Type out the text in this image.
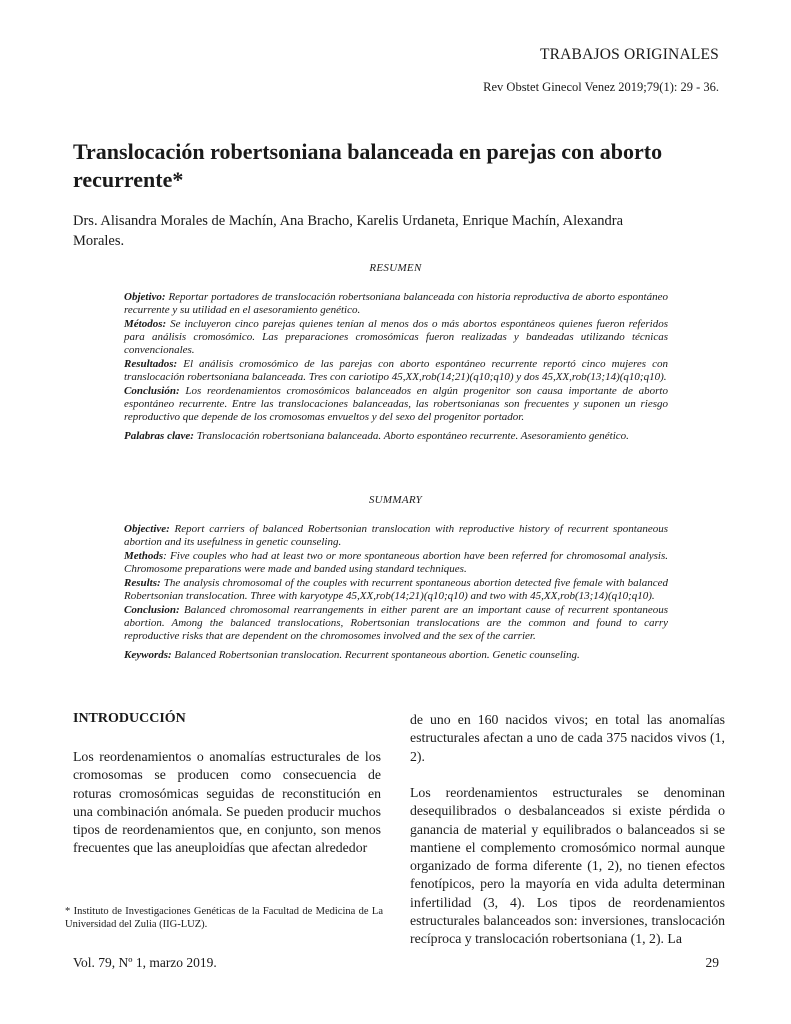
TRABAJOS ORIGINALES
Rev Obstet Ginecol Venez 2019;79(1): 29 - 36.
Translocación robertsoniana balanceada en parejas con aborto recurrente*
Drs. Alisandra Morales de Machín, Ana Bracho, Karelis Urdaneta, Enrique Machín, Alexandra Morales.
RESUMEN

Objetivo: Reportar portadores de translocación robertsoniana balanceada con historia reproductiva de aborto espontáneo recurrente y su utilidad en el asesoramiento genético.

Métodos: Se incluyeron cinco parejas quienes tenían al menos dos o más abortos espontáneos quienes fueron referidos para análisis cromosómico. Las preparaciones cromosómicas fueron realizadas y bandeadas utilizando técnicas convencionales.

Resultados: El análisis cromosómico de las parejas con aborto espontáneo recurrente reportó cinco mujeres con translocación robertsoniana balanceada. Tres con cariotipo 45,XX,rob(14;21)(q10;q10) y dos 45,XX,rob(13;14)(q10;q10).

Conclusión: Los reordenamientos cromosómicos balanceados en algún progenitor son causa importante de aborto espontáneo recurrente. Entre las translocaciones balanceadas, las robertsonianas son frecuentes y suponen un riesgo reproductivo que depende de los cromosomas envueltos y del sexo del progenitor portador.

Palabras clave: Translocación robertsoniana balanceada. Aborto espontáneo recurrente. Asesoramiento genético.

SUMMARY

Objective: Report carriers of balanced Robertsonian translocation with reproductive history of recurrent spontaneous abortion and its usefulness in genetic counseling.

Methods: Five couples who had at least two or more spontaneous abortion have been referred for chromosomal analysis. Chromosome preparations were made and banded using standard techniques.

Results: The analysis chromosomal of the couples with recurrent spontaneous abortion detected five female with balanced Robertsonian translocation. Three with karyotype 45,XX,rob(14;21)(q10;q10) and two with 45,XX,rob(13;14)(q10;q10).

Conclusion: Balanced chromosomal rearrangements in either parent are an important cause of recurrent spontaneous abortion. Among the balanced translocations, Robertsonian translocations are the common and found to carry reproductive risks that are dependent on the chromosomes involved and the sex of the carrier.

Keywords: Balanced Robertsonian translocation. Recurrent spontaneous abortion. Genetic counseling.

INTRODUCCIÓN

Los reordenamientos o anomalías estructurales de los cromosomas se producen como consecuencia de roturas cromosómicas seguidas de reconstitución en una combinación anómala. Se pueden producir muchos tipos de reordenamientos que, en conjunto, son menos frecuentes que las aneuploidías que afectan alrededor

de uno en 160 nacidos vivos; en total las anomalías estructurales afectan a uno de cada 375 nacidos vivos (1, 2).

Los reordenamientos estructurales se denominan desequilibrados o desbalanceados si existe pérdida o ganancia de material y equilibrados o balanceados si se mantiene el complemento cromosómico normal aunque organizado de forma diferente (1, 2), no tienen efectos fenotípicos, pero la mayoría en vida adulta determinan infertilidad (3, 4). Los tipos de reordenamientos estructurales balanceados son: inversiones, translocación recíproca y translocación robertsoniana (1, 2). La

* Instituto de Investigaciones Genéticas de la Facultad de Medicina de La Universidad del Zulia (IIG-LUZ).
Vol. 79, Nº 1, marzo 2019.	29
